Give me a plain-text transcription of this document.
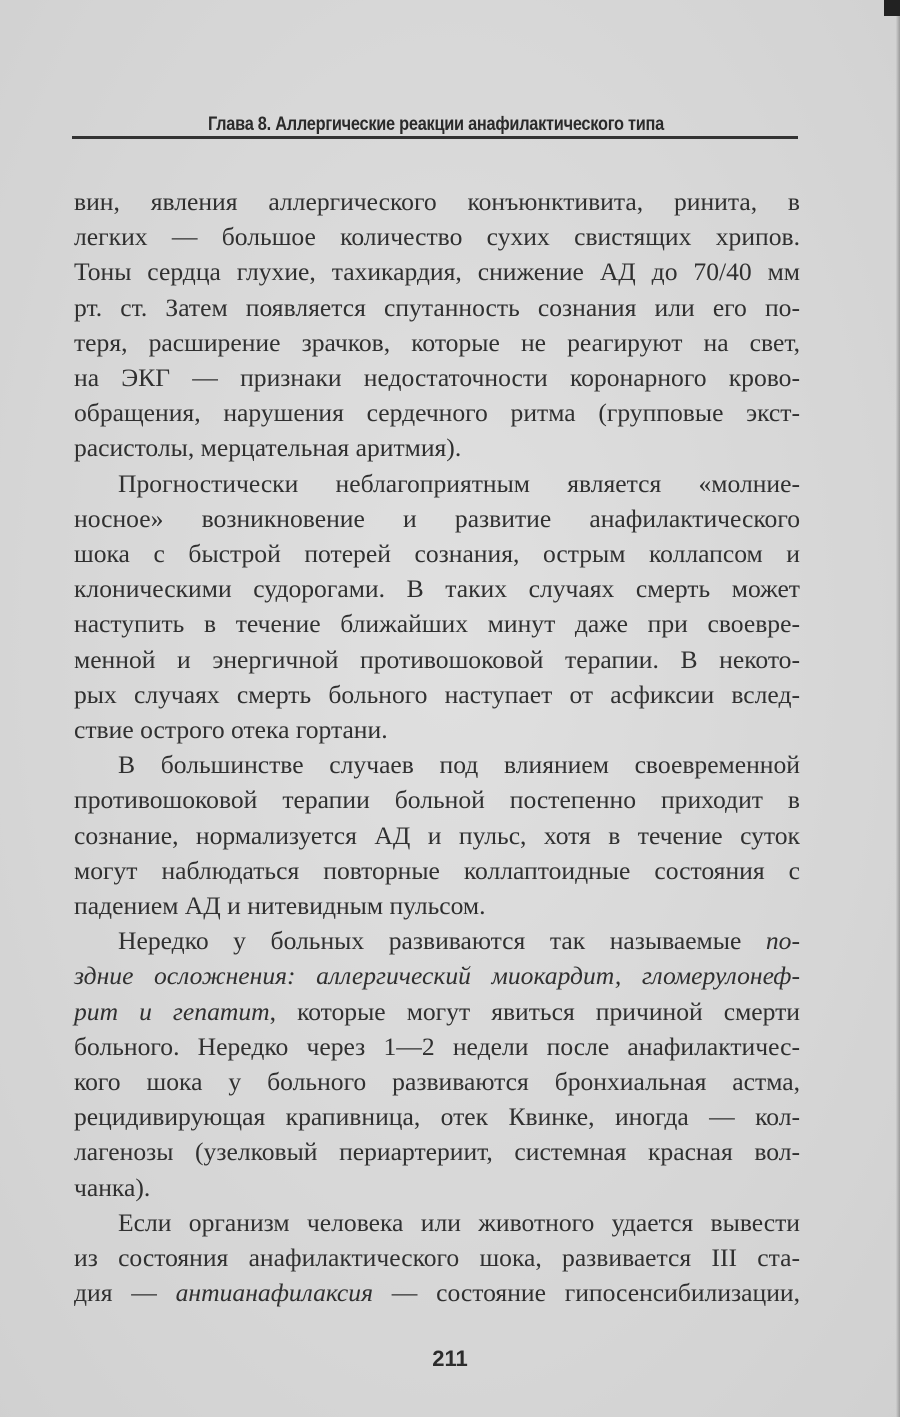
Глава 8. Аллергические реакции анафилактического типа

вин, явления аллергического конъюнктивита, ринита, в
легких — большое количество сухих свистящих хрипов.
Тоны сердца глухие, тахикардия, снижение АД до 70/40 мм
рт. ст. Затем появляется спутанность сознания или его по-
теря, расширение зрачков, которые не реагируют на свет,
на ЭКГ — признаки недостаточности коронарного крово-
обращения, нарушения сердечного ритма (групповые экст-
расистолы, мерцательная аритмия).

Прогностически неблагоприятным является «молние-
носное» возникновение и развитие анафилактического
шока с быстрой потерей сознания, острым коллапсом и
клоническими судорогами. В таких случаях смерть может
наступить в течение ближайших минут даже при своевре-
менной и энергичной противошоковой терапии. В некото-
рых случаях смерть больного наступает от асфиксии вслед-
ствие острого отека гортани.

В большинстве случаев под влиянием своевременной
противошоковой терапии больной постепенно приходит в
сознание, нормализуется АД и пульс, хотя в течение суток
могут наблюдаться повторные коллаптоидные состояния с
падением АД и нитевидным пульсом.

Нередко у больных развиваются так называемые по-
здние осложнения: аллергический миокардит, гломерулонеф-
рит и гепатит, которые могут явиться причиной смерти
больного. Нередко через 1—2 недели после анафилактичес-
кого шока у больного развиваются бронхиальная астма,
рецидивирующая крапивница, отек Квинке, иногда — кол-
лагенозы (узелковый периартериит, системная красная вол-
чанка).

Если организм человека или животного удается вывести
из состояния анафилактического шока, развивается III ста-
дия — антианафилаксия — состояние гипосенсибилизации,

211
